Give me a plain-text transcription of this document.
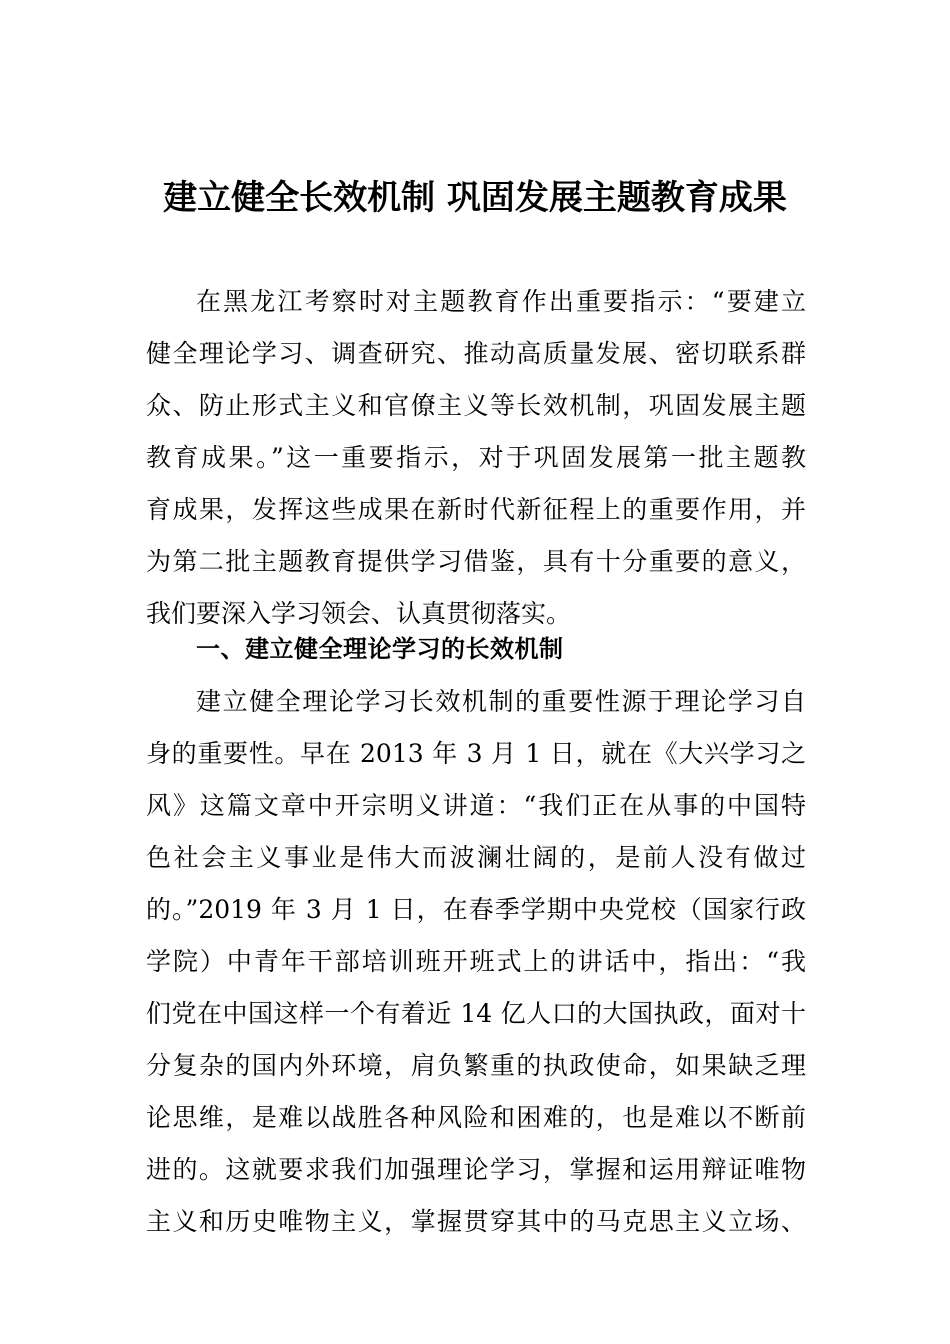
建立健全长效机制 巩固发展主题教育成果

在黑龙江考察时对主题教育作出重要指示：“要建立

健全理论学习、调查研究、推动高质量发展、密切联系群

众、防止形式主义和官僚主义等长效机制，巩固发展主题

教育成果。”这一重要指示，对于巩固发展第一批主题教

育成果，发挥这些成果在新时代新征程上的重要作用，并

为第二批主题教育提供学习借鉴，具有十分重要的意义，

我们要深入学习领会、认真贯彻落实。

一、建立健全理论学习的长效机制

建立健全理论学习长效机制的重要性源于理论学习自

身的重要性。早在 2013 年 3 月 1 日，就在《大兴学习之

风》这篇文章中开宗明义讲道：“我们正在从事的中国特

色社会主义事业是伟大而波澜壮阔的，是前人没有做过

的。”2019 年 3 月 1 日，在春季学期中央党校（国家行政

学院）中青年干部培训班开班式上的讲话中，指出：“我

们党在中国这样一个有着近 14 亿人口的大国执政，面对十

分复杂的国内外环境，肩负繁重的执政使命，如果缺乏理

论思维，是难以战胜各种风险和困难的，也是难以不断前

进的。这就要求我们加强理论学习，掌握和运用辩证唯物

主义和历史唯物主义，掌握贯穿其中的马克思主义立场、
